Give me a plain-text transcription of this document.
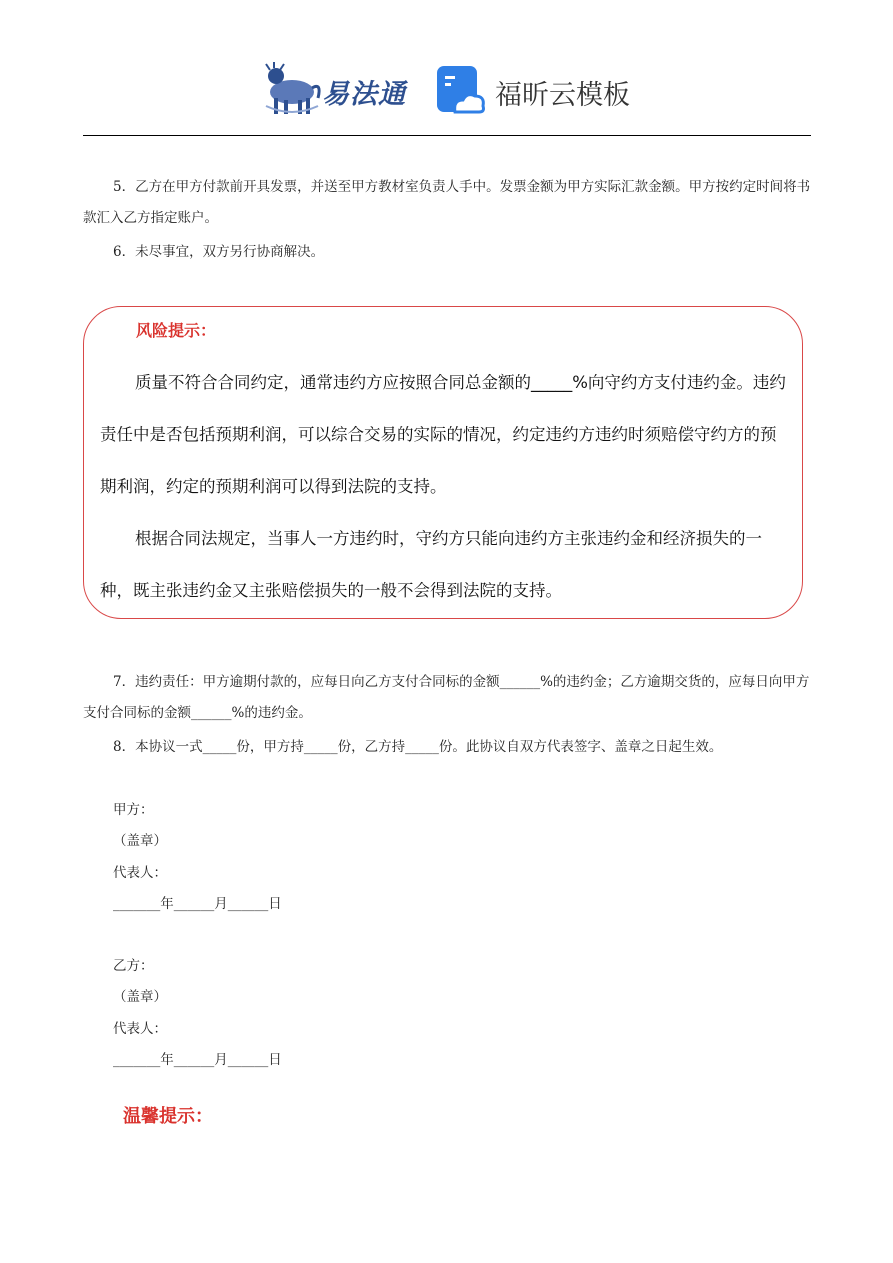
易法通	福昕云模板
5．乙方在甲方付款前开具发票，并送至甲方教材室负责人手中。发票金额为甲方实际汇款金额。甲方按约定时间将书款汇入乙方指定账户。
6．未尽事宜，双方另行协商解决。
风险提示：
质量不符合合同约定，通常违约方应按照合同总金额的_____%向守约方支付违约金。违约责任中是否包括预期利润，可以综合交易的实际的情况，约定违约方违约时须赔偿守约方的预期利润，约定的预期利润可以得到法院的支持。
根据合同法规定，当事人一方违约时，守约方只能向违约方主张违约金和经济损失的一种，既主张违约金又主张赔偿损失的一般不会得到法院的支持。
7．违约责任：甲方逾期付款的，应每日向乙方支付合同标的金额______%的违约金；乙方逾期交货的，应每日向甲方支付合同标的金额______%的违约金。
8．本协议一式_____份，甲方持_____份，乙方持_____份。此协议自双方代表签字、盖章之日起生效。
甲方：
（盖章）
代表人：
_______年______月______日
乙方：
（盖章）
代表人：
_______年______月______日
温馨提示：
